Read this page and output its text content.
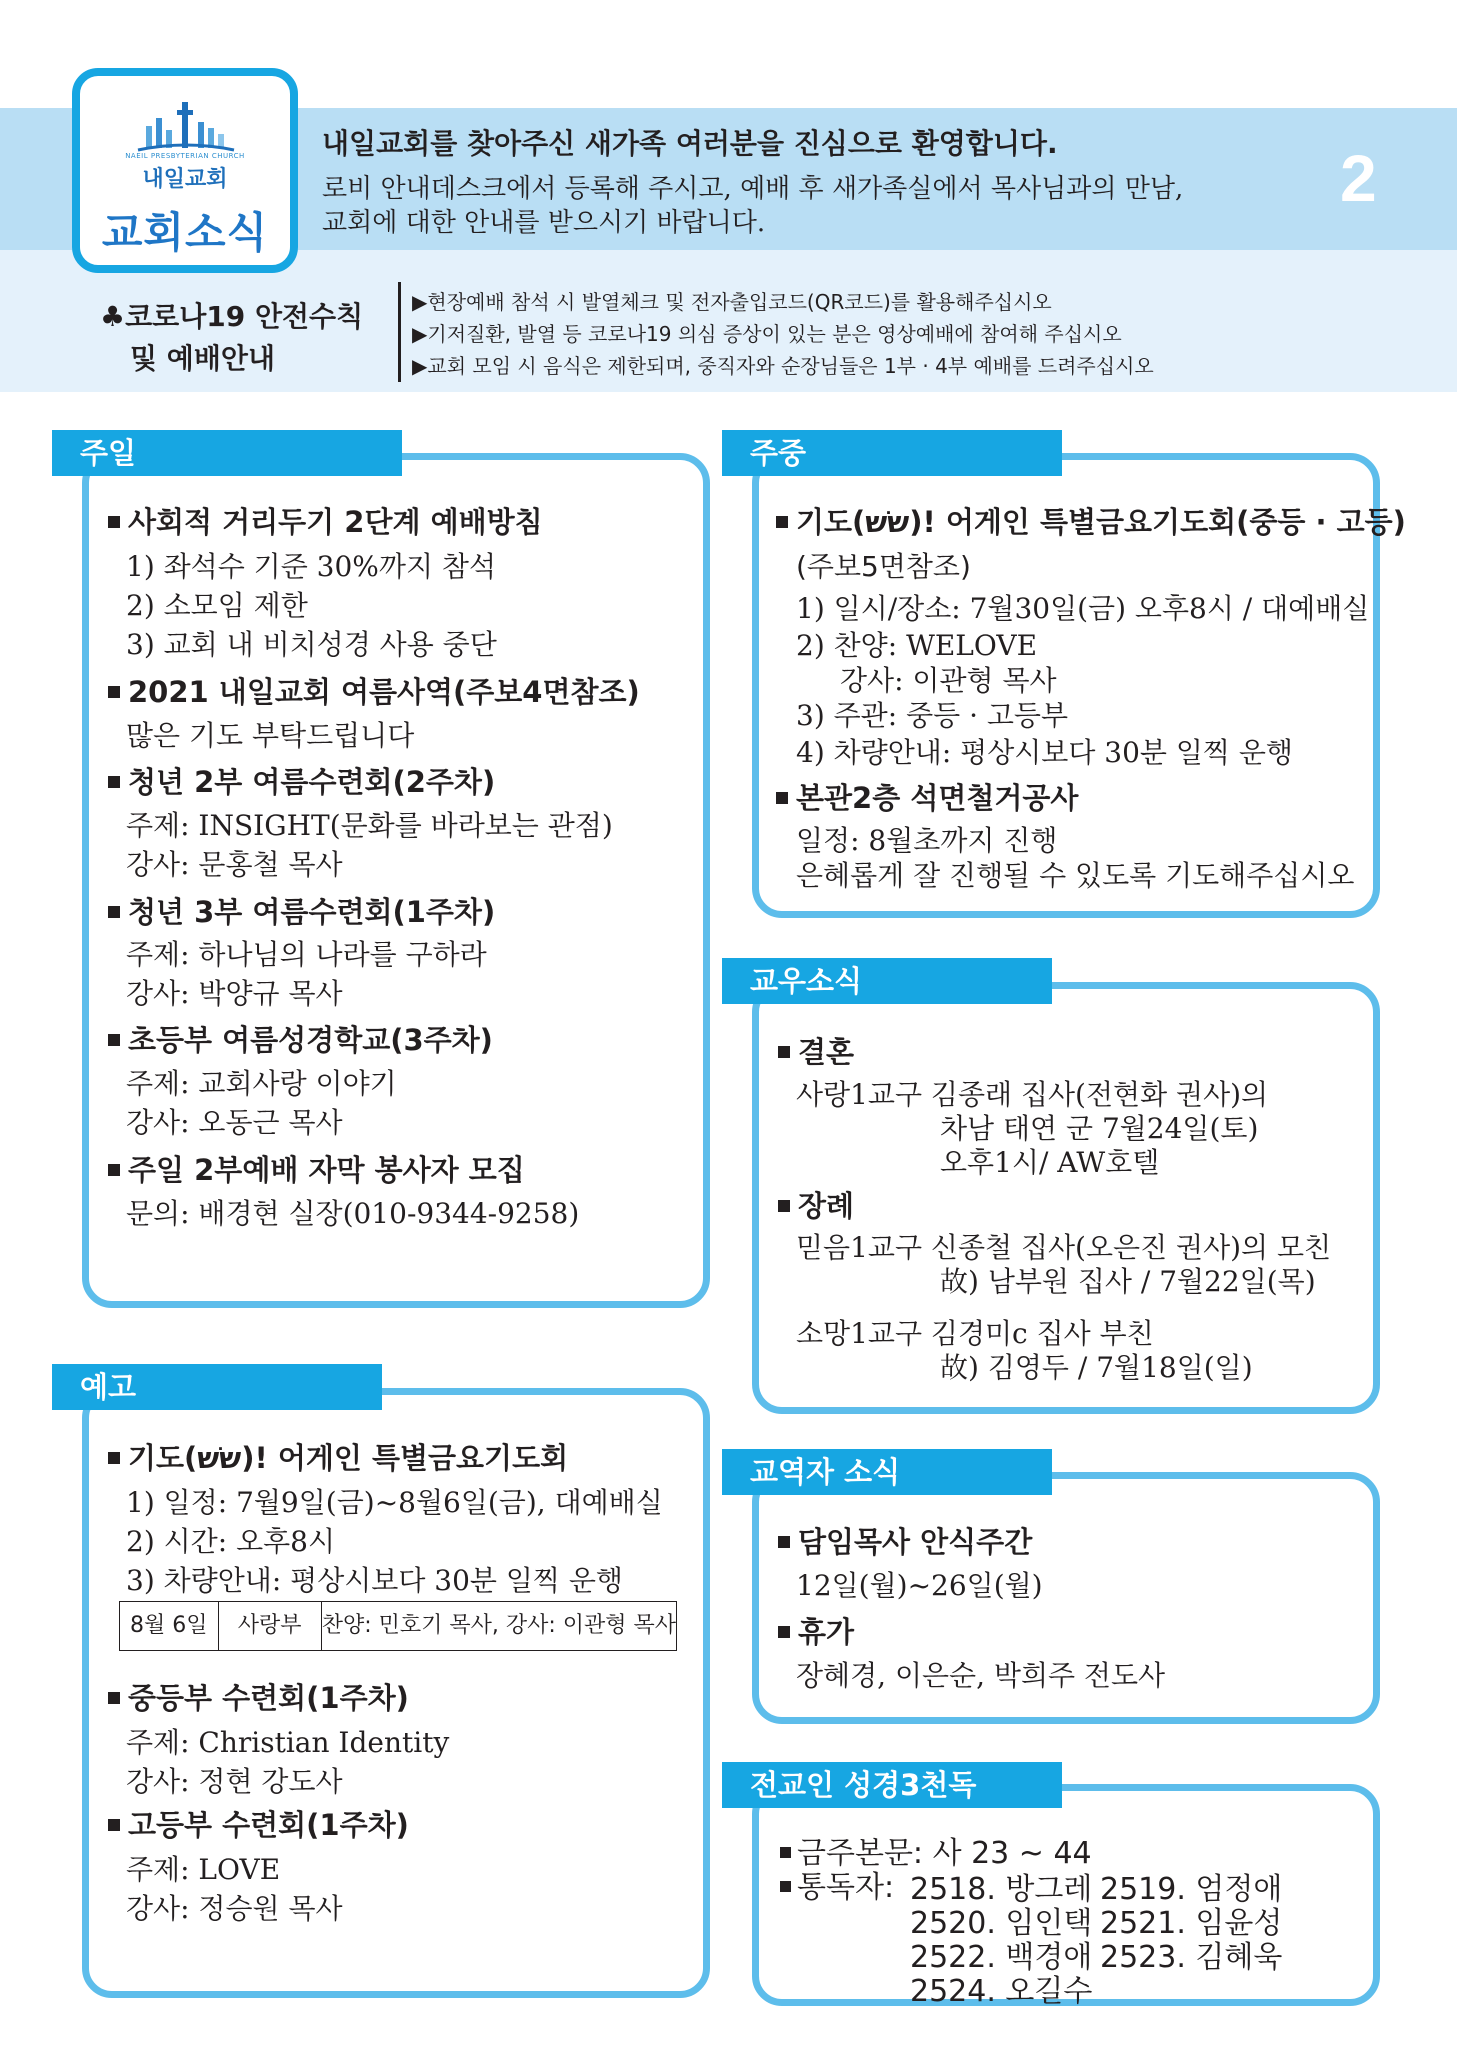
NAEIL PRESBYTERIAN CHURCH
내일교회
교회소식
내일교회를 찾아주신 새가족 여러분을 진심으로 환영합니다.
로비 안내데스크에서 등록해 주시고, 예배 후 새가족실에서 목사님과의 만남,
교회에 대한 안내를 받으시기 바랍니다.
2
♣코로나19 안전수칙
및 예배안내
▶현장예배 참석 시 발열체크 및 전자출입코드(QR코드)를 활용해주십시오
▶기저질환, 발열 등 코로나19 의심 증상이 있는 분은 영상예배에 참여해 주십시오
▶교회 모임 시 음식은 제한되며, 중직자와 순장님들은 1부 · 4부 예배를 드려주십시오
주일
사회적 거리두기 2단계 예배방침
1) 좌석수 기준 30%까지 참석
2) 소모임 제한
3) 교회 내 비치성경 사용 중단
2021 내일교회 여름사역(주보4면참조)
많은 기도 부탁드립니다
청년 2부 여름수련회(2주차)
주제: INSIGHT(문화를 바라보는 관점)
강사: 문홍철 목사
청년 3부 여름수련회(1주차)
주제: 하나님의 나라를 구하라
강사: 박양규 목사
초등부 여름성경학교(3주차)
주제: 교회사랑 이야기
강사: 오동근 목사
주일 2부예배 자막 봉사자 모집
문의: 배경현 실장(010-9344-9258)
예고
기도(ששׁ)! 어게인 특별금요기도회
1) 일정: 7월9일(금)~8월6일(금), 대예배실
2) 시간: 오후8시
3) 차량안내: 평상시보다 30분 일찍 운행
8월 6일	사랑부 찬양: 민호기 목사, 강사: 이관형 목사
중등부 수련회(1주차)
주제: Christian Identity
강사: 정현 강도사
고등부 수련회(1주차)
주제: LOVE
강사: 정승원 목사
주중
기도(ששׁ)! 어게인 특별금요기도회(중등 · 고등)
(주보5면참조)
1) 일시/장소: 7월30일(금) 오후8시 / 대예배실
2) 찬양: WELOVE
강사: 이관형 목사
3) 주관: 중등 · 고등부
4) 차량안내: 평상시보다 30분 일찍 운행
본관2층 석면철거공사
일정: 8월초까지 진행
은혜롭게 잘 진행될 수 있도록 기도해주십시오
교우소식
결혼
사랑1교구 김종래 집사(전현화 권사)의
차남 태연 군 7월24일(토)
오후1시/ AW호텔
장례
믿음1교구 신종철 집사(오은진 권사)의 모친
故) 남부원 집사 / 7월22일(목)
소망1교구 김경미c 집사 부친
故) 김영두 / 7월18일(일)
교역자 소식
담임목사 안식주간
12일(월)~26일(월)
휴가
장혜경, 이은순, 박희주 전도사
전교인 성경3천독
금주본문: 사 23 ~ 44
통독자: 2518. 방그레 2519. 엄정애
2520. 임인택 2521. 임윤성
2522. 백경애 2523. 김혜욱
2524. 오길수
